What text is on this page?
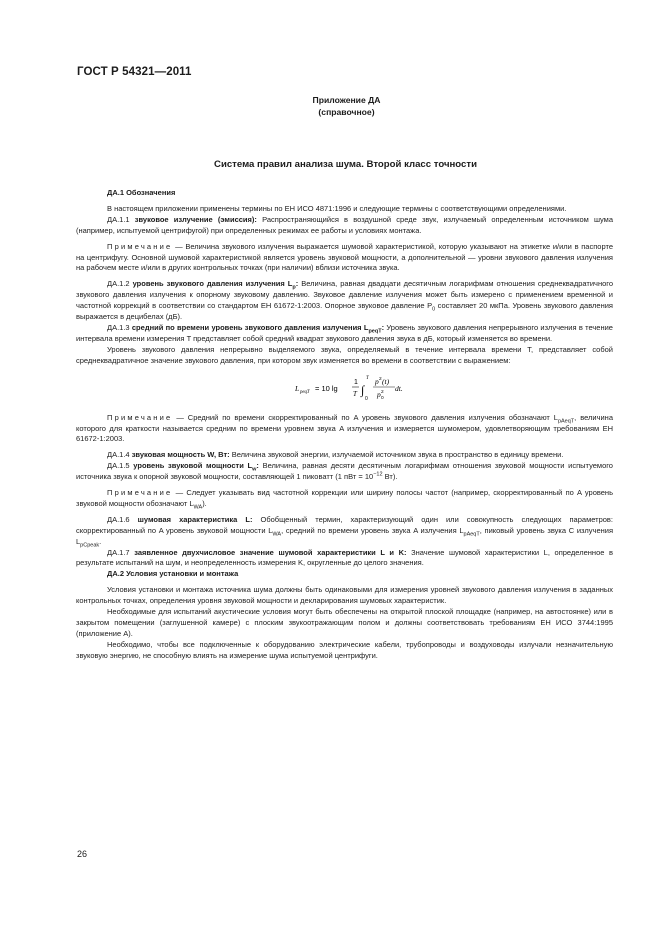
ГОСТ Р 54321—2011
Приложение ДА
(справочное)
Система правил анализа шума. Второй класс точности

ДА.1 Обозначения

В настоящем приложении применены термины по ЕН ИСО 4871:1996 и следующие термины с соответствующими определениями.

ДА.1.1 звуковое излучение (эмиссия): Распространяющийся в воздушной среде звук, излучаемый определенным источником шума (например, испытуемой центрифугой) при определенных режимах ее работы и условиях монтажа.

Примечание — Величина звукового излучения выражается шумовой характеристикой, которую указывают на этикетке и/или в паспорте на центрифугу. Основной шумовой характеристикой является уровень звуковой мощности, а дополнительной — уровни звукового давления излучения на рабочем месте и/или в других контрольных точках (при наличии) вблизи источника звука.

ДА.1.2 уровень звукового давления излучения $L_p$: Величина, равная двадцати десятичным логарифмам отношения среднеквадратичного звукового давления излучения к опорному звуковому давлению. Звуковое давление излучения может быть измерено с применением временной и частотной коррекций в соответствии со стандартом ЕН 61672-1:2003. Опорное звуковое давление $P_0$ составляет 20 мкПа. Уровень звукового давления выражается в децибелах (дБ).

ДА.1.3 средний по времени уровень звукового давления излучения $L_{peqT}$: Уровень звукового давления непрерывного излучения в течение интервала времени измерения T представляет собой средний квадрат звукового давления звука в дБ, который изменяется во времени.

Уровень звукового давления непрерывно выделяемого звука, определяемый в течение интервала времени T, представляет собой среднеквадратичное значение звукового давления, при котором звук изменяется во времени в соответствии с выражением:

L peqT = 10 lg
1
T ∫
T
0
p 2 (t)
p 0
2 dt.

Примечание — Средний по времени скорректированный по A уровень звукового давления излучения обозначают $L_{pAeqT}$, величина которого для краткости называется средним по времени уровнем звука A излучения и измеряется шумомером, удовлетворяющим требованиям ЕН 61672-1:2003.

ДА.1.4 звуковая мощность W, Вт: Величина звуковой энергии, излучаемой источником звука в пространство в единицу времени.

ДА.1.5 уровень звуковой мощности $L_w$: Величина, равная десяти десятичным логарифмам отношения звуковой мощности испытуемого источника звука к опорной звуковой мощности, составляющей 1 пиковатт (1 пВт = $10^{-12}$ Вт).

Примечание — Следует указывать вид частотной коррекции или ширину полосы частот (например, скорректированный по A уровень звуковой мощности обозначают $L_{WA}$).

ДА.1.6 шумовая характеристика L: Обобщенный термин, характеризующий один или совокупность следующих параметров: скорректированный по A уровень звуковой мощности $L_{WA}$, средний по времени уровень звука A излучения $L_{pAeqT}$, пиковый уровень звука C излучения $L_{pCpeak}$.

ДА.1.7 заявленное двухчисловое значение шумовой характеристики L и K: Значение шумовой характеристики L, определенное в результате испытаний на шум, и неопределенность измерения K, округленные до целого значения.

ДА.2 Условия установки и монтажа

Условия установки и монтажа источника шума должны быть одинаковыми для измерения уровней звукового давления излучения в заданных контрольных точках, определения уровня звуковой мощности и декларирования шумовых характеристик.

Необходимые для испытаний акустические условия могут быть обеспечены на открытой плоской площадке (например, на автостоянке) или в закрытом помещении (заглушенной камере) с плоским звукоотражающим полом и должны соответствовать требованиям ЕН ИСО 3744:1995 (приложение А).

Необходимо, чтобы все подключенные к оборудованию электрические кабели, трубопроводы и воздуховоды излучали незначительную звуковую энергию, не способную влиять на измерение шума испытуемой центрифуги.

26
